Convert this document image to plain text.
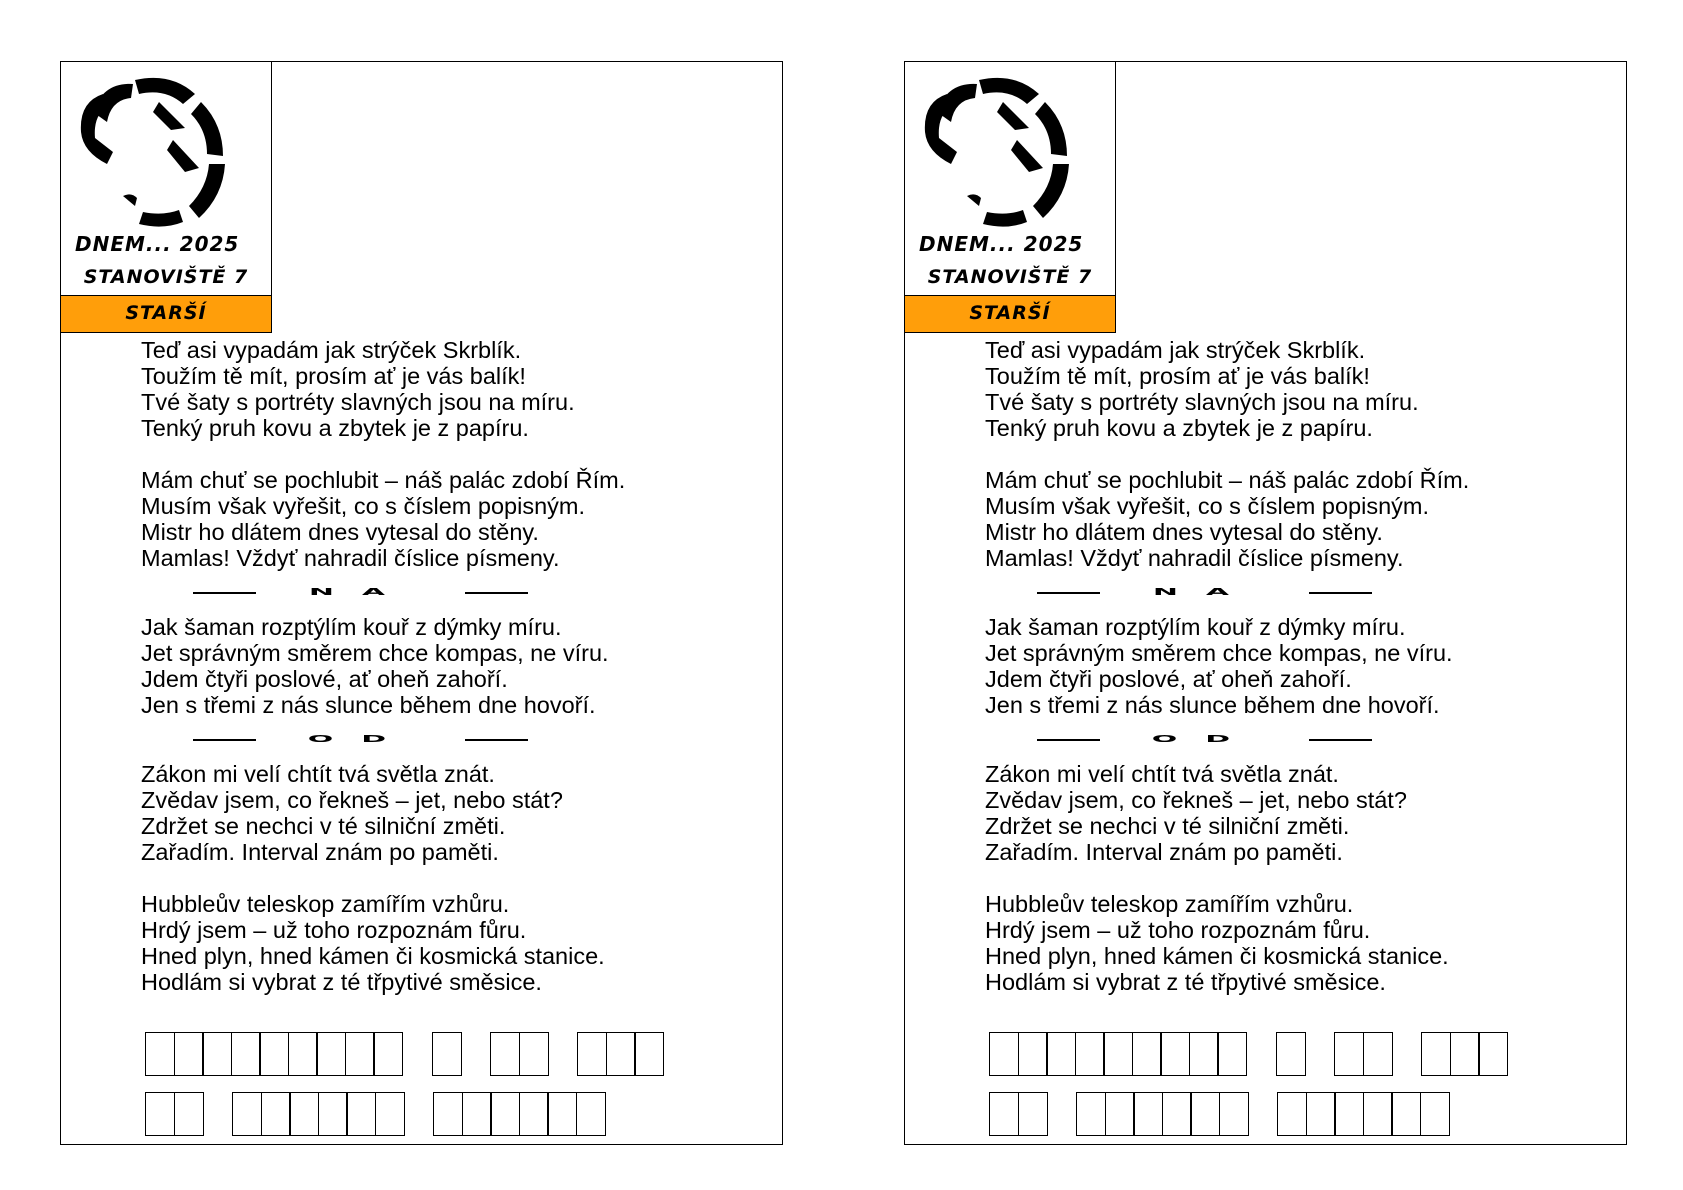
DNEM... 2025
STANOVIŠTĚ 7
STARŠÍ
Teď asi vypadám jak strýček Skrblík.
Toužím tě mít, prosím ať je vás balík!
Tvé šaty s portréty slavných jsou na míru.
Tenký pruh kovu a zbytek je z papíru.
Mám chuť se pochlubit – náš palác zdobí Řím.
Musím však vyřešit, co s číslem popisným.
Mistr ho dlátem dnes vytesal do stěny.
Mamlas! Vždyť nahradil číslice písmeny.
NA
Jak šaman rozptýlím kouř z dýmky míru.
Jet správným směrem chce kompas, ne víru.
Jdem čtyři poslové, ať oheň zahoří.
Jen s třemi z nás slunce během dne hovoří.
OD
Zákon mi velí chtít tvá světla znát.
Zvědav jsem, co řekneš – jet, nebo stát?
Zdržet se nechci v té silniční změti.
Zařadím. Interval znám po paměti.
Hubbleův teleskop zamířím vzhůru.
Hrdý jsem – už toho rozpoznám fůru.
Hned plyn, hned kámen či kosmická stanice.
Hodlám si vybrat z té třpytivé směsice.
DNEM... 2025
STANOVIŠTĚ 7
STARŠÍ
Teď asi vypadám jak strýček Skrblík.
Toužím tě mít, prosím ať je vás balík!
Tvé šaty s portréty slavných jsou na míru.
Tenký pruh kovu a zbytek je z papíru.
Mám chuť se pochlubit – náš palác zdobí Řím.
Musím však vyřešit, co s číslem popisným.
Mistr ho dlátem dnes vytesal do stěny.
Mamlas! Vždyť nahradil číslice písmeny.
NA
Jak šaman rozptýlím kouř z dýmky míru.
Jet správným směrem chce kompas, ne víru.
Jdem čtyři poslové, ať oheň zahoří.
Jen s třemi z nás slunce během dne hovoří.
OD
Zákon mi velí chtít tvá světla znát.
Zvědav jsem, co řekneš – jet, nebo stát?
Zdržet se nechci v té silniční změti.
Zařadím. Interval znám po paměti.
Hubbleův teleskop zamířím vzhůru.
Hrdý jsem – už toho rozpoznám fůru.
Hned plyn, hned kámen či kosmická stanice.
Hodlám si vybrat z té třpytivé směsice.
